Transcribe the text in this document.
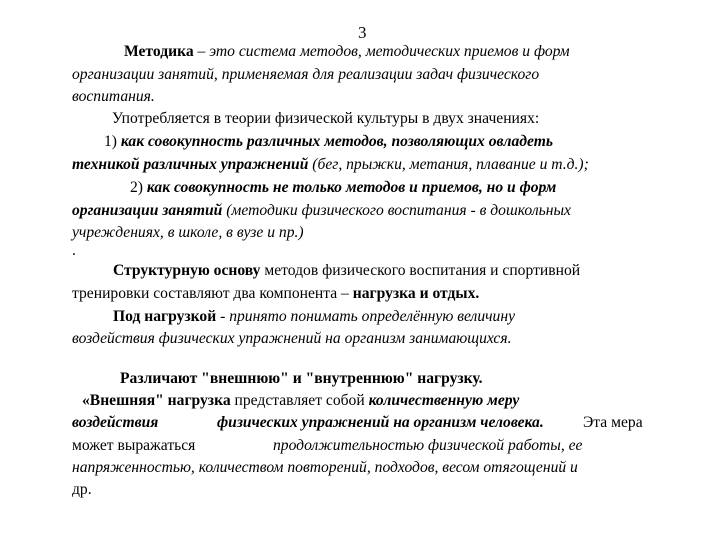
3
Методика – это система методов, методических приемов и форм
организации занятий, применяемая для реализации задач физического
воспитания.
Употребляется в теории физической культуры в двух значениях:
1) как совокупность различных методов, позволяющих овладеть
техникой различных упражнений (бег, прыжки, метания, плавание и т.д.);
2) как совокупность не только методов и приемов, но и форм
организации занятий (методики физического воспитания - в дошкольных
учреждениях, в школе, в вузе и пр.)
.
Структурную основу методов физического воспитания и спортивной
тренировки составляют два компонента – нагрузка и отдых.
Под нагрузкой - принято понимать определённую величину
воздействия физических упражнений на организм занимающихся.
Различают "внешнюю" и "внутреннюю" нагрузку.
«Внешняя" нагрузка представляет собой количественную меру
воздействия	физических упражнений на организм человека.	Эта мера
может выражаться	продолжительностью физической работы, ее
напряженностью, количеством повторений, подходов, весом отягощений и
др.
